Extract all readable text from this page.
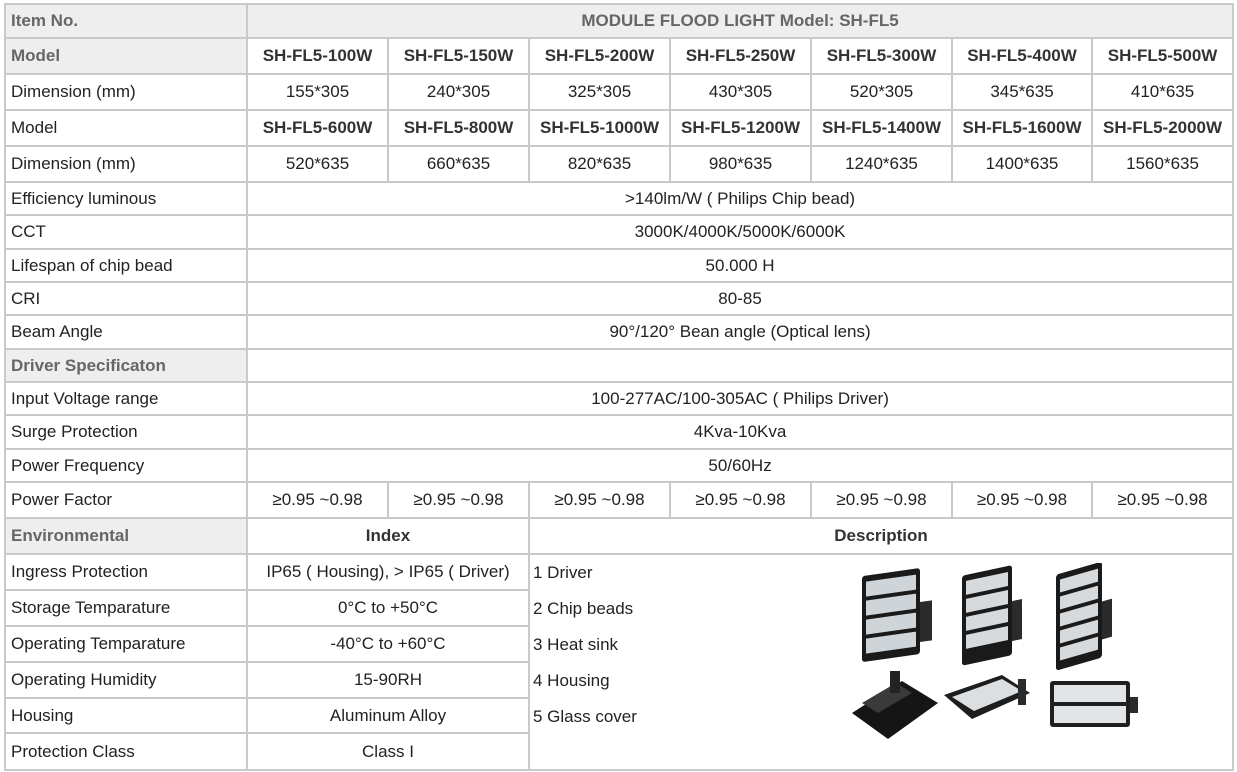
Item No.	MODULE FLOOD LIGHT Model: SH-FL5						
Model	SH-FL5-100W	SH-FL5-150W	SH-FL5-200W	SH-FL5-250W	SH-FL5-300W	SH-FL5-400W	SH-FL5-500W
Dimension (mm)	155*305	240*305	325*305	430*305	520*305	345*635	410*635
Model	SH-FL5-600W	SH-FL5-800W	SH-FL5-1000W	SH-FL5-1200W	SH-FL5-1400W	SH-FL5-1600W	SH-FL5-2000W
Dimension (mm)	520*635	660*635	820*635	980*635	1240*635	1400*635	1560*635
Efficiency luminous	>140lm/W ( Philips Chip bead)						
CCT	3000K/4000K/5000K/6000K						
Lifespan of chip bead	50.000 H						
CRI	80-85						
Beam Angle	90°/120° Bean angle (Optical lens)						
Driver Specificaton							
Input Voltage range	100-277AC/100-305AC ( Philips Driver)						
Surge Protection	4Kva-10Kva						
Power Frequency	50/60Hz						
Power Factor	≥0.95 ~0.98	≥0.95 ~0.98	≥0.95 ~0.98	≥0.95 ~0.98	≥0.95 ~0.98	≥0.95 ~0.98	≥0.95 ~0.98
Environmental	Index		Description				
Ingress Protection	IP65 ( Housing), > IP65 ( Driver)		1 Driver
2 Chip beads
3 Heat sink
4 Housing
5 Glass cover				

Storage Temparature	0°C to +50°C						
Operating Temparature	-40°C to +60°C						
Operating Humidity	15-90RH						
Housing	Aluminum Alloy						
Protection Class	Class I						
